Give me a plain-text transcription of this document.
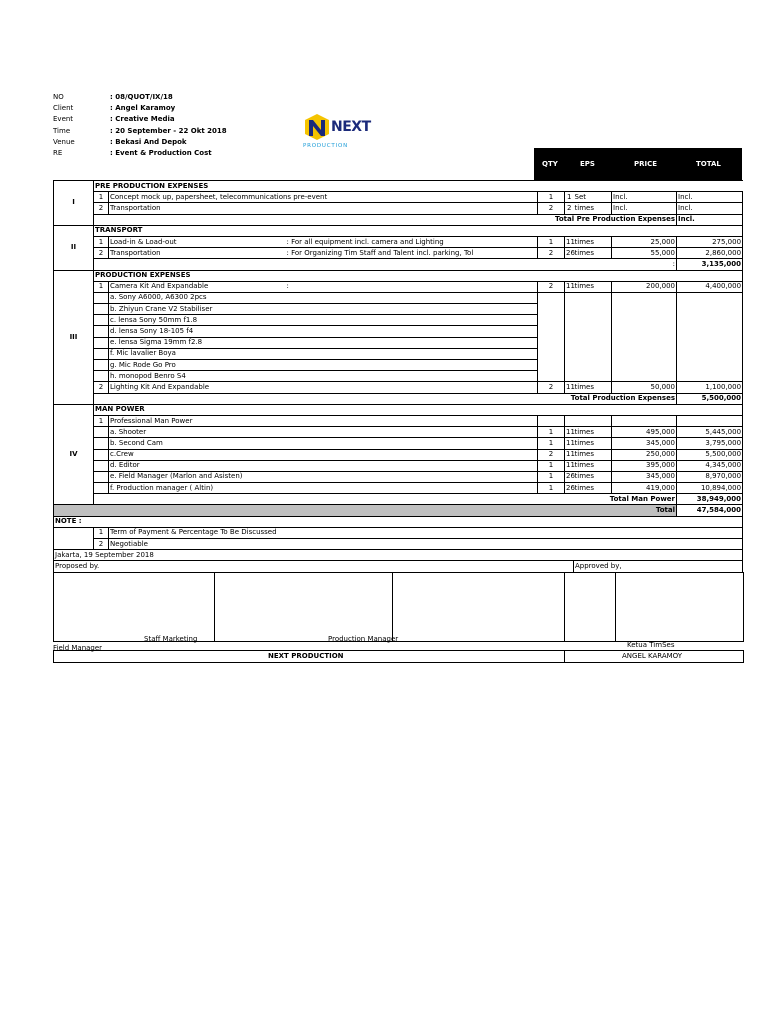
NO	: 08/QUOT/IX/18
Client	: Angel Karamoy
Event	: Creative Media
Time	: 20 September - 22 Okt 2018
Venue	: Bekasi And Depok
RE	: Event & Production Cost
NEXT
PRODUCTION
QTY	EPS	PRICE	TOTAL
I	PRE PRODUCTION EXPENSES							
	1	Concept mock up, papersheet, telecommunications pre-event		1	1	Set	Incl.	Incl.
	2	Transportation		2	2	times	Incl.	Incl.
	Total Pre Production Expenses							Incl.
II	TRANSPORT							
	1	Load-in & Load-out	: For all equipment incl. camera and Lighting	1	11	times	25,000	275,000
	2	Transportation	: For Organizing Tim Staff and Talent incl. parking, Tol	2	26	times	55,000	2,860,000
	:							3,135,000
III	PRODUCTION EXPENSES							
	1	Camera Kit And Expandable	:	2	11	times	200,000	4,400,000
		a. Sony A6000, A6300 2pcs						
		b. Zhiyun Crane V2 Stabiliser						
		c. lensa Sony 50mm f1.8						
		d. lensa Sony 18-105 f4						
		e. lensa Sigma 19mm f2.8						
		f. Mic lavalier Boya						
		g. Mic Rode Go Pro						
		h. monopod Benro S4						
	2	Lighting Kit And Expandable		2	11	times	50,000	1,100,000
	Total Production Expenses							5,500,000
IV	MAN POWER							
	1	Professional Man Power						
		a. Shooter		1	11	times	495,000	5,445,000
		b. Second Cam		1	11	times	345,000	3,795,000
		c.Crew		2	11	times	250,000	5,500,000
		d. Editor		1	11	times	395,000	4,345,000
		e. Field Manager (Marlon and Asisten)		1	26	times	345,000	8,970,000
		f. Production manager ( Altin)		1	26	times	419,000	10,894,000
	Total Man Power							38,949,000
Total								47,584,000
NOTE :								
	1	Term of Payment & Percentage To Be Discussed						
	2	Negotiable						
Jakarta, 19 September 2018								
Proposed by.						Approved by,		
Staff Marketing	Production Manager
Ketua TimSes
Field Manager
NEXT PRODUCTION	ANGEL KARAMOY
